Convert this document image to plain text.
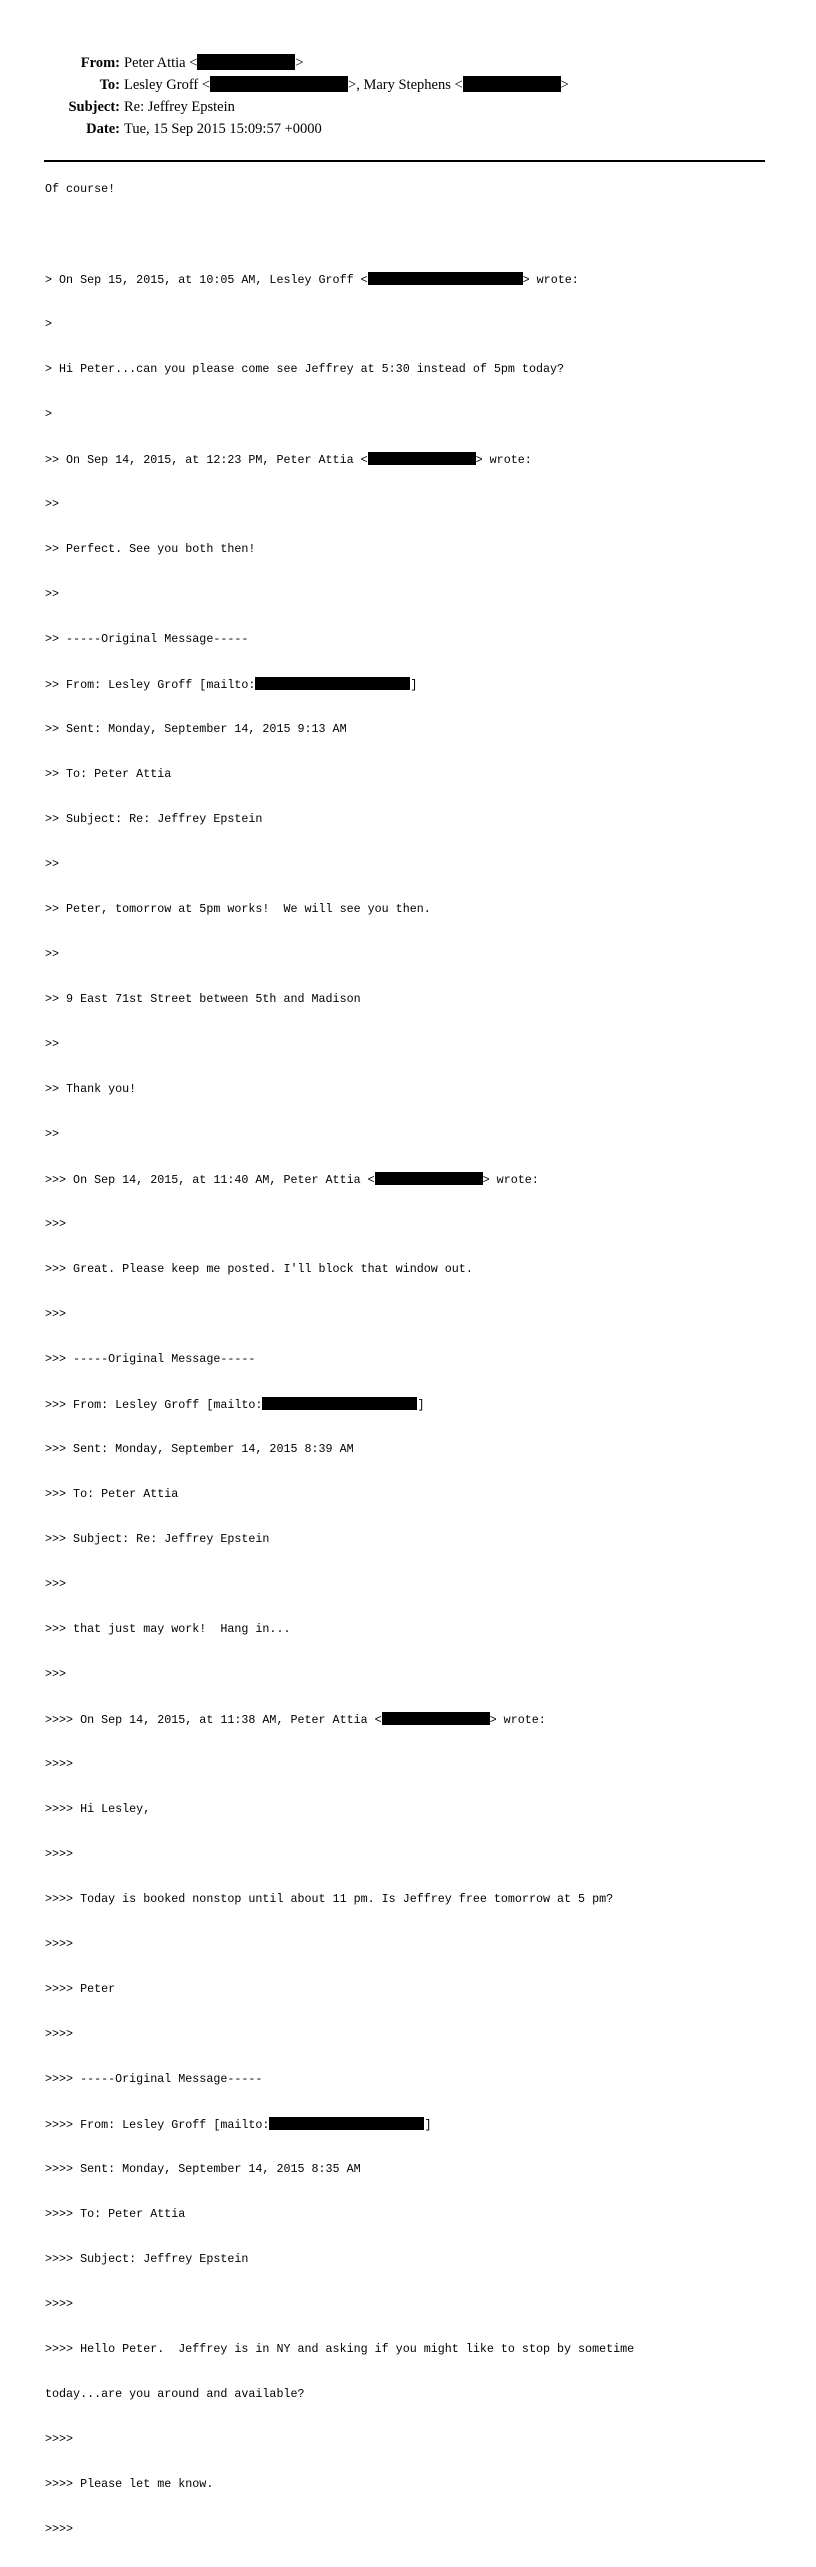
From: Peter Attia <	>
To: Lesley Groff <	>, Mary Stephens <	>
Subject: Re: Jeffrey Epstein
Date: Tue, 15 Sep 2015 15:09:57 +0000
Of course!

> On Sep 15, 2015, at 10:05 AM, Lesley Groff <	> wrote:

>

> Hi Peter...can you please come see Jeffrey at 5:30 instead of 5pm today?

>

>> On Sep 14, 2015, at 12:23 PM, Peter Attia <	> wrote:

>>

>> Perfect. See you both then!

>>

>> -----Original Message-----

>> From: Lesley Groff [mailto:	]

>> Sent: Monday, September 14, 2015 9:13 AM

>> To: Peter Attia

>> Subject: Re: Jeffrey Epstein

>>

>> Peter, tomorrow at 5pm works!  We will see you then.

>>

>> 9 East 71st Street between 5th and Madison

>>

>> Thank you!

>>

>>> On Sep 14, 2015, at 11:40 AM, Peter Attia <	> wrote:

>>>

>>> Great. Please keep me posted. I'll block that window out.

>>>

>>> -----Original Message-----

>>> From: Lesley Groff [mailto:	]

>>> Sent: Monday, September 14, 2015 8:39 AM

>>> To: Peter Attia

>>> Subject: Re: Jeffrey Epstein

>>>

>>> that just may work!  Hang in...

>>>

>>>> On Sep 14, 2015, at 11:38 AM, Peter Attia <	> wrote:

>>>>

>>>> Hi Lesley,

>>>>

>>>> Today is booked nonstop until about 11 pm. Is Jeffrey free tomorrow at 5 pm?

>>>>

>>>> Peter

>>>>

>>>> -----Original Message-----

>>>> From: Lesley Groff [mailto:	]

>>>> Sent: Monday, September 14, 2015 8:35 AM

>>>> To: Peter Attia

>>>> Subject: Jeffrey Epstein

>>>>

>>>> Hello Peter.  Jeffrey is in NY and asking if you might like to stop by sometime

today...are you around and available?

>>>>

>>>> Please let me know.

>>>>
